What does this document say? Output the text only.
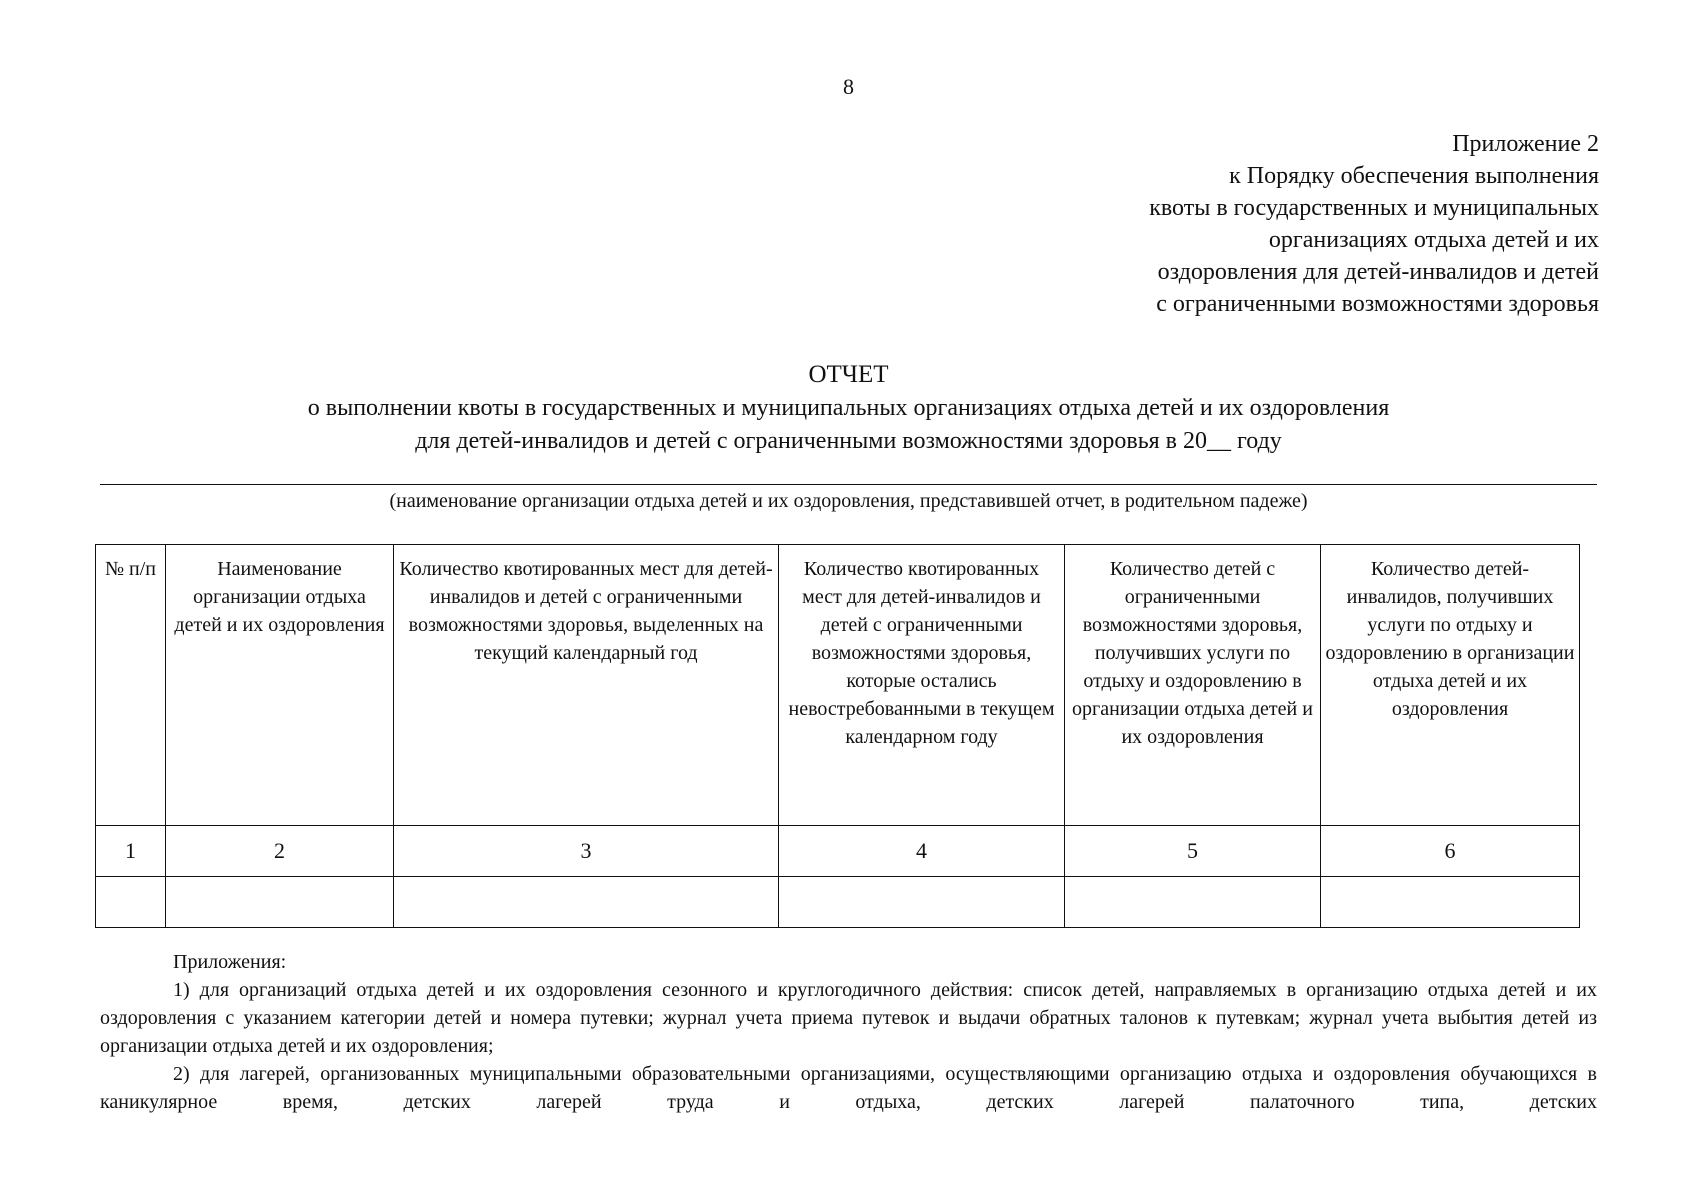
8
Приложение 2
к Порядку обеспечения выполнения
квоты в государственных и муниципальных
организациях отдыха детей и их
оздоровления для детей-инвалидов и детей
с ограниченными возможностями здоровья
ОТЧЕТ
о выполнении квоты в государственных и муниципальных организациях отдыха детей и их оздоровления
для детей-инвалидов и детей с ограниченными возможностями здоровья в 20__ году
(наименование организации отдыха детей и их оздоровления, представившей отчет, в родительном падеже)
№ п/п	Наименование организации отдыха детей и их оздоровления	Количество квотированных мест для детей-инвалидов и детей с ограниченными возможностями здоровья, выделенных на текущий календарный год	Количество квотированных мест для детей-инвалидов и детей с ограниченными возможностями здоровья, которые остались невостребованными в текущем календарном году	Количество детей с ограниченными возможностями здоровья, получивших услуги по отдыху и оздоровлению в организации отдыха детей и их оздоровления	Количество детей-инвалидов, получивших услуги по отдыху и оздоровлению в организации отдыха детей и их оздоровления
1	2	3	4	5	6

Приложения:
1) для организаций отдыха детей и их оздоровления сезонного и круглогодичного действия: список детей, направляемых в организацию отдыха детей и их оздоровления с указанием категории детей и номера путевки; журнал учета приема путевок и выдачи обратных талонов к путевкам; журнал учета выбытия детей из организации отдыха детей и их оздоровления;
2) для лагерей, организованных муниципальными образовательными организациями, осуществляющими организацию отдыха и оздоровления обучающихся в каникулярное время, детских лагерей труда и отдыха, детских лагерей палаточного типа, детских
